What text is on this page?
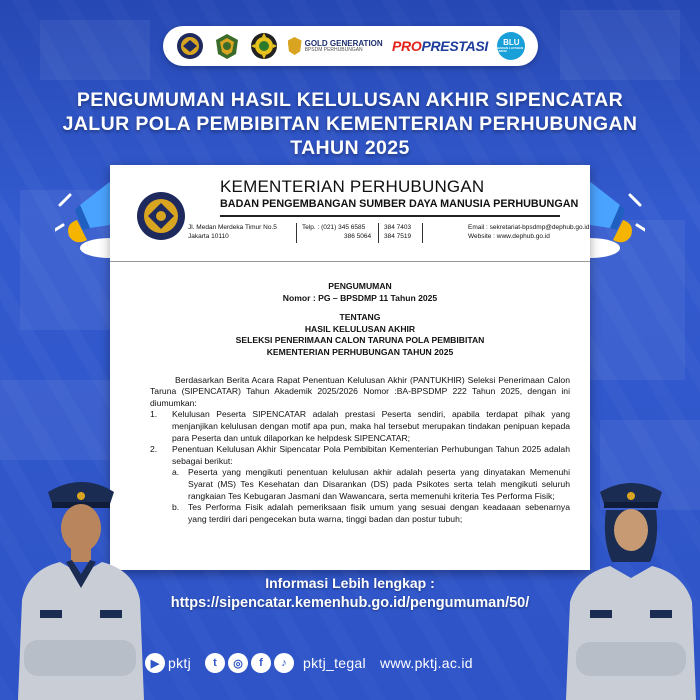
GOLD GENERATION
BPSDM PERHUBUNGAN	PRO PRESTASI BLU
BADAN LAYANAN UMUM
PENGUMUMAN HASIL KELULUSAN AKHIR SIPENCATAR
JALUR POLA PEMBIBITAN KEMENTERIAN PERHUBUNGAN
TAHUN 2025
KEMENTERIAN PERHUBUNGAN
BADAN PENGEMBANGAN SUMBER DAYA MANUSIA PERHUBUNGAN
Jl. Medan Merdeka Timur No.5
Jakarta 10110
Telp. : (021) 345 6585
386 5064
384 7403
384 7519
Email : sekretariat-bpsdmp@dephub.go.id
Website : www.dephub.go.id
PENGUMUMAN
Nomor : PG – BPSDMP 11 Tahun 2025
TENTANG
HASIL KELULUSAN AKHIR
SELEKSI PENERIMAAN CALON TARUNA POLA PEMBIBITAN
KEMENTERIAN PERHUBUNGAN TAHUN 2025
Berdasarkan Berita Acara Rapat Penentuan Kelulusan Akhir (PANTUKHIR) Seleksi Penerimaan Calon Taruna (SIPENCATAR) Tahun Akademik 2025/2026 Nomor :BA-BPSDMP 222 Tahun 2025, dengan ini diumumkan:
1.	Kelulusan Peserta SIPENCATAR adalah prestasi Peserta sendiri, apabila terdapat pihak yang menjanjikan kelulusan dengan motif apa pun, maka hal tersebut merupakan tindakan penipuan kepada para Peserta dan untuk dilaporkan ke helpdesk SIPENCATAR;
2.	Penentuan Kelulusan Akhir Sipencatar Pola Pembibitan Kementerian Perhubungan Tahun 2025 adalah sebagai berikut:
a.	Peserta yang mengikuti penentuan kelulusan akhir adalah peserta yang dinyatakan Memenuhi Syarat (MS) Tes Kesehatan dan Disarankan (DS) pada Psikotes serta telah mengikuti seluruh rangkaian Tes Kebugaran Jasmani dan Wawancara, serta memenuhi kriteria Tes Performa Fisik;
b.	Tes Performa Fisik adalah pemeriksaan fisik umum yang sesuai dengan keadaaan sebenarnya yang terdiri dari pengecekan buta warna, tinggi badan dan postur tubuh;
Informasi Lebih lengkap :
https://sipencatar.kemenhub.go.id/pengumuman/50/
▶ pktj	t	◎	f	♪	pktj_tegal www.pktj.ac.id
